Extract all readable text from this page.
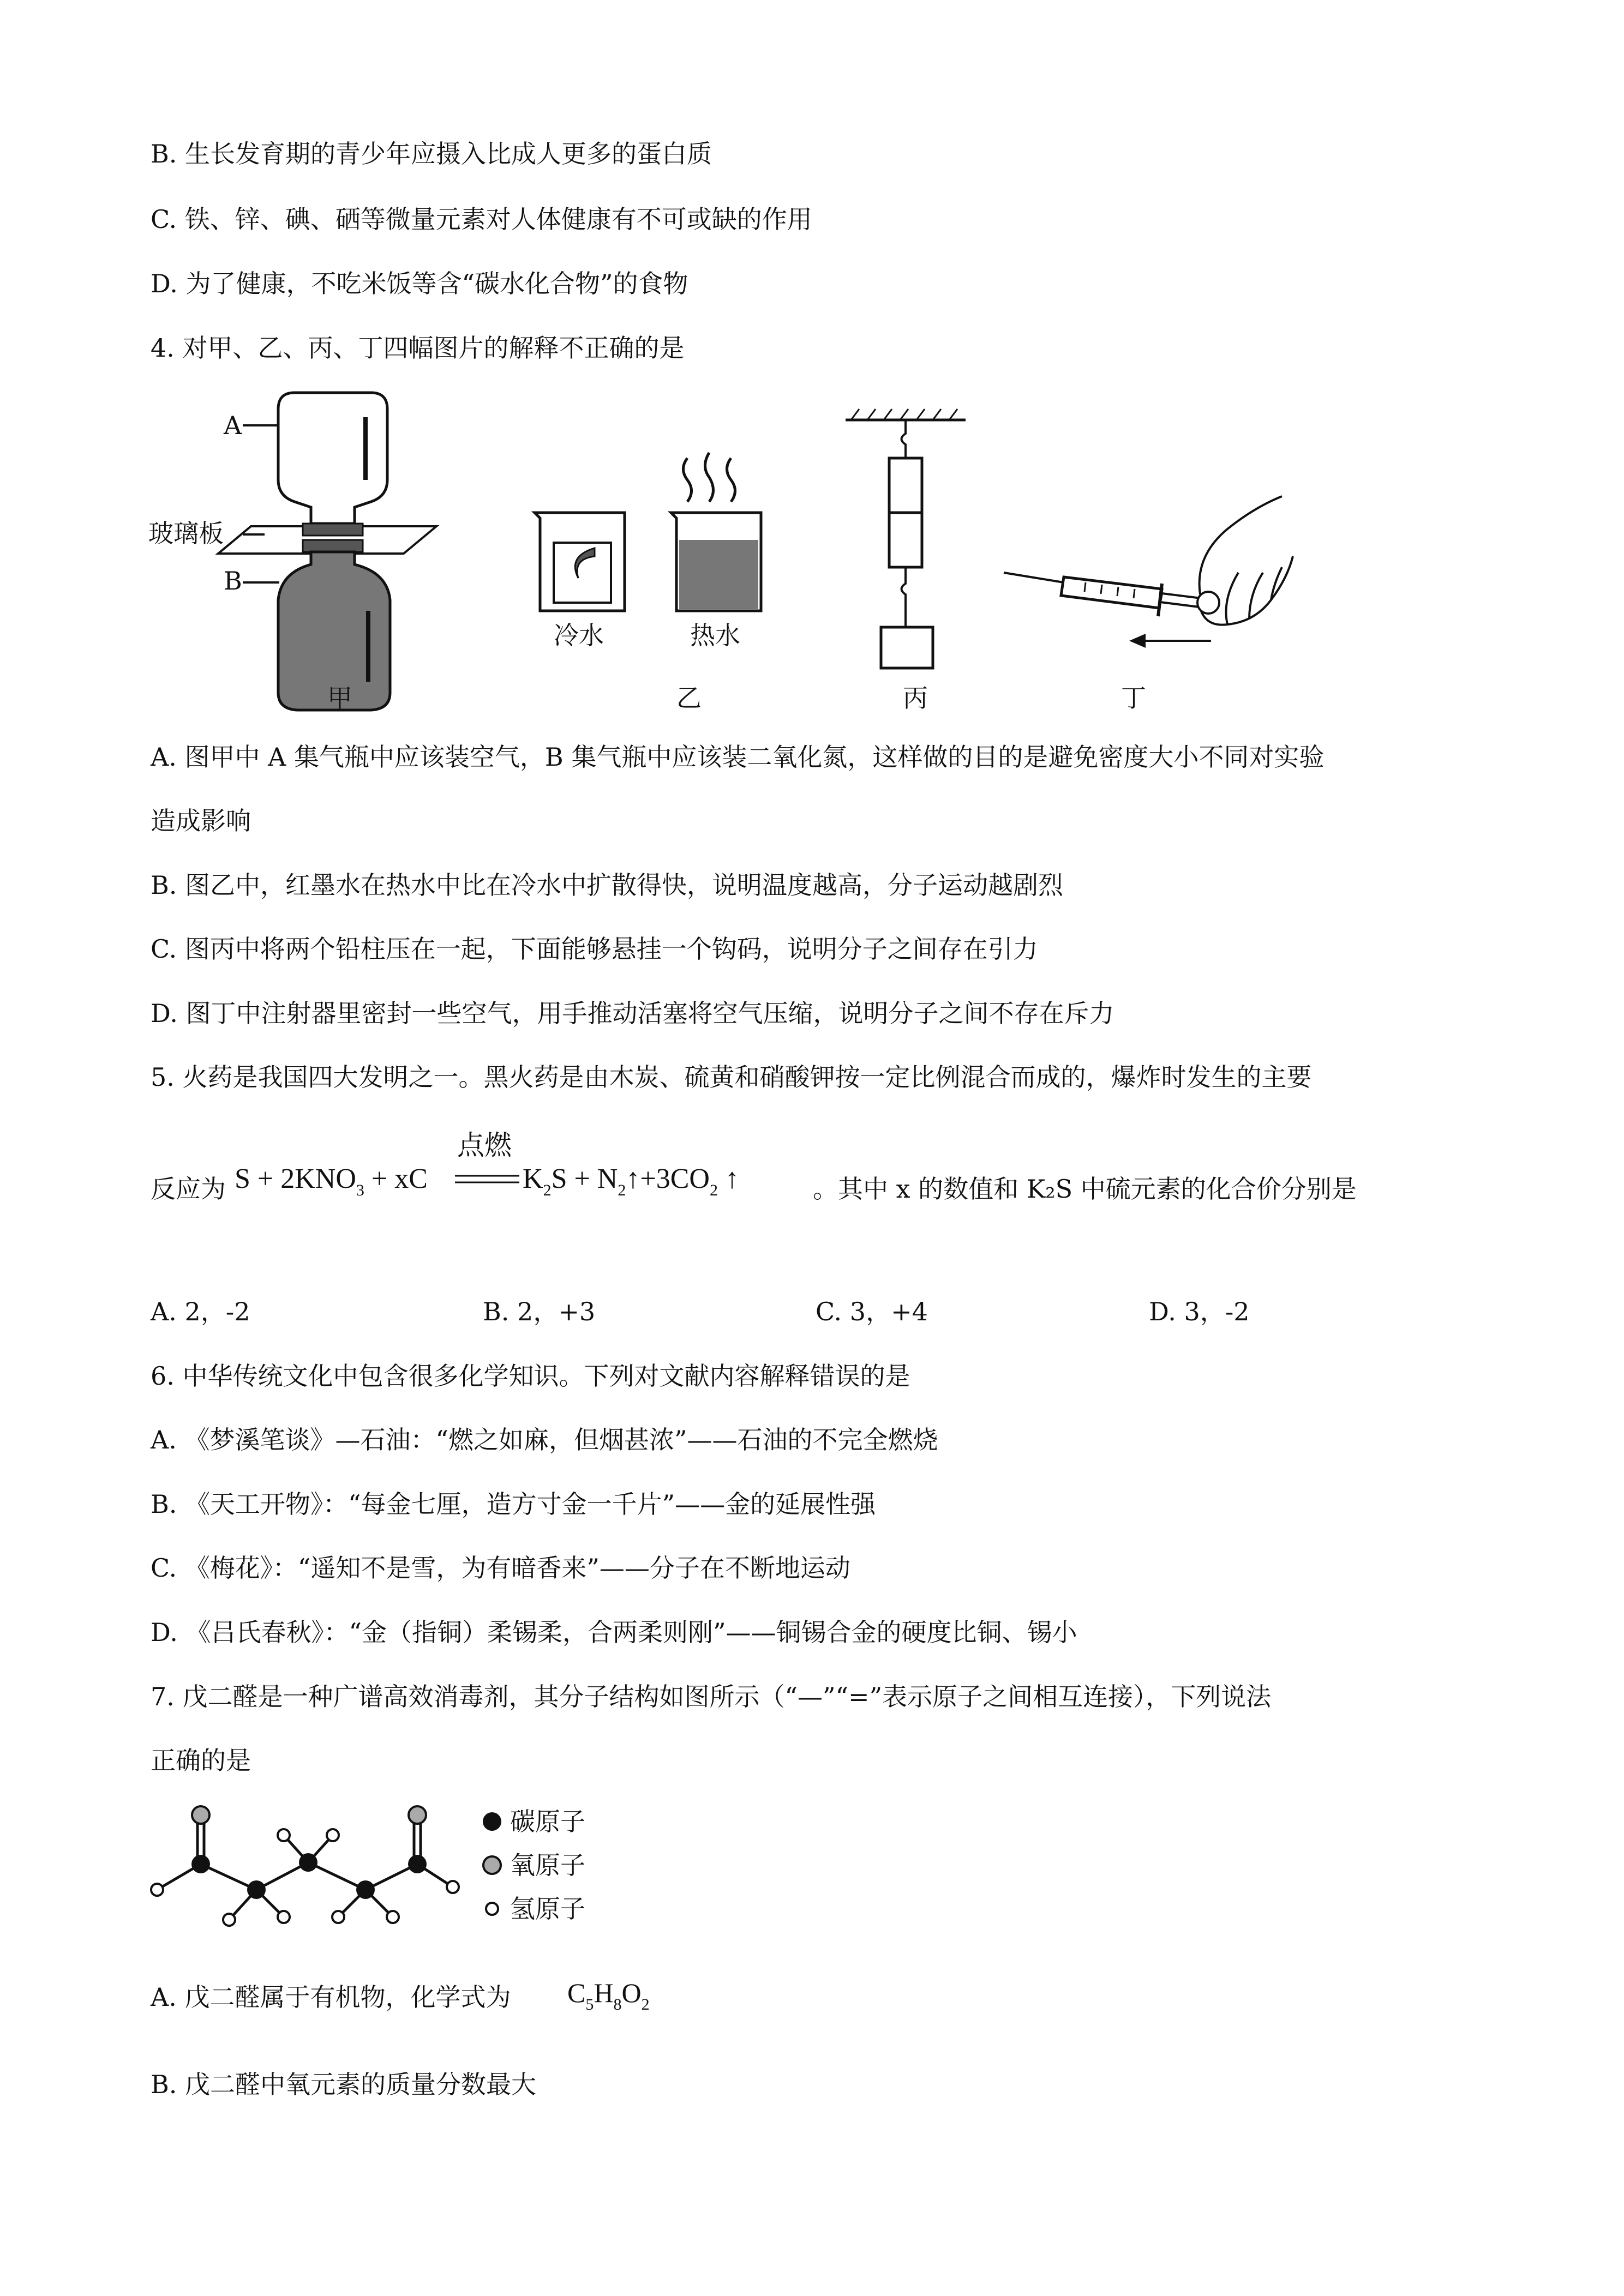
B. 生长发育期的青少年应摄入比成人更多的蛋白质
C. 铁、锌、碘、硒等微量元素对人体健康有不可或缺的作用
D. 为了健康，不吃米饭等含“碳水化合物”的食物
4. 对甲、乙、丙、丁四幅图片的解释不正确的是
A
玻璃板
B
甲
冷水	热水
乙	丙	丁
A. 图甲中 A 集气瓶中应该装空气，B 集气瓶中应该装二氧化氮，这样做的目的是避免密度大小不同对实验
造成影响
B. 图乙中，红墨水在热水中比在冷水中扩散得快，说明温度越高，分子运动越剧烈
C. 图丙中将两个铅柱压在一起，下面能够悬挂一个钩码，说明分子之间存在引力
D. 图丁中注射器里密封一些空气，用手推动活塞将空气压缩，说明分子之间不存在斥力
5. 火药是我国四大发明之一。黑火药是由木炭、硫黄和硝酸钾按一定比例混合而成的，爆炸时发生的主要
反应为 $S + 2KNO_3$ + xC
点燃
$K_2S$ + $N_2↑+3CO_2$ ↑	。其中 x 的数值和 K₂S 中硫元素的化合价分别是
A. 2，-2	B. 2，+3	C. 3，+4	D. 3，-2
6. 中华传统文化中包含很多化学知识。下列对文献内容解释错误的是
A. 《梦溪笔谈》—石油：“燃之如麻，但烟甚浓”——石油的不完全燃烧
B. 《天工开物》：“每金七厘，造方寸金一千片”——金的延展性强
C. 《梅花》：“遥知不是雪，为有暗香来”——分子在不断地运动
D. 《吕氏春秋》：“金（指铜）柔锡柔，合两柔则刚”——铜锡合金的硬度比铜、锡小
7. 戊二醛是一种广谱高效消毒剂，其分子结构如图所示（“—”“=”表示原子之间相互连接），下列说法
正确的是
碳原子
氧原子
氢原子
A. 戊二醛属于有机物，化学式为 $C_5H_8O_2$
B. 戊二醛中氧元素的质量分数最大
